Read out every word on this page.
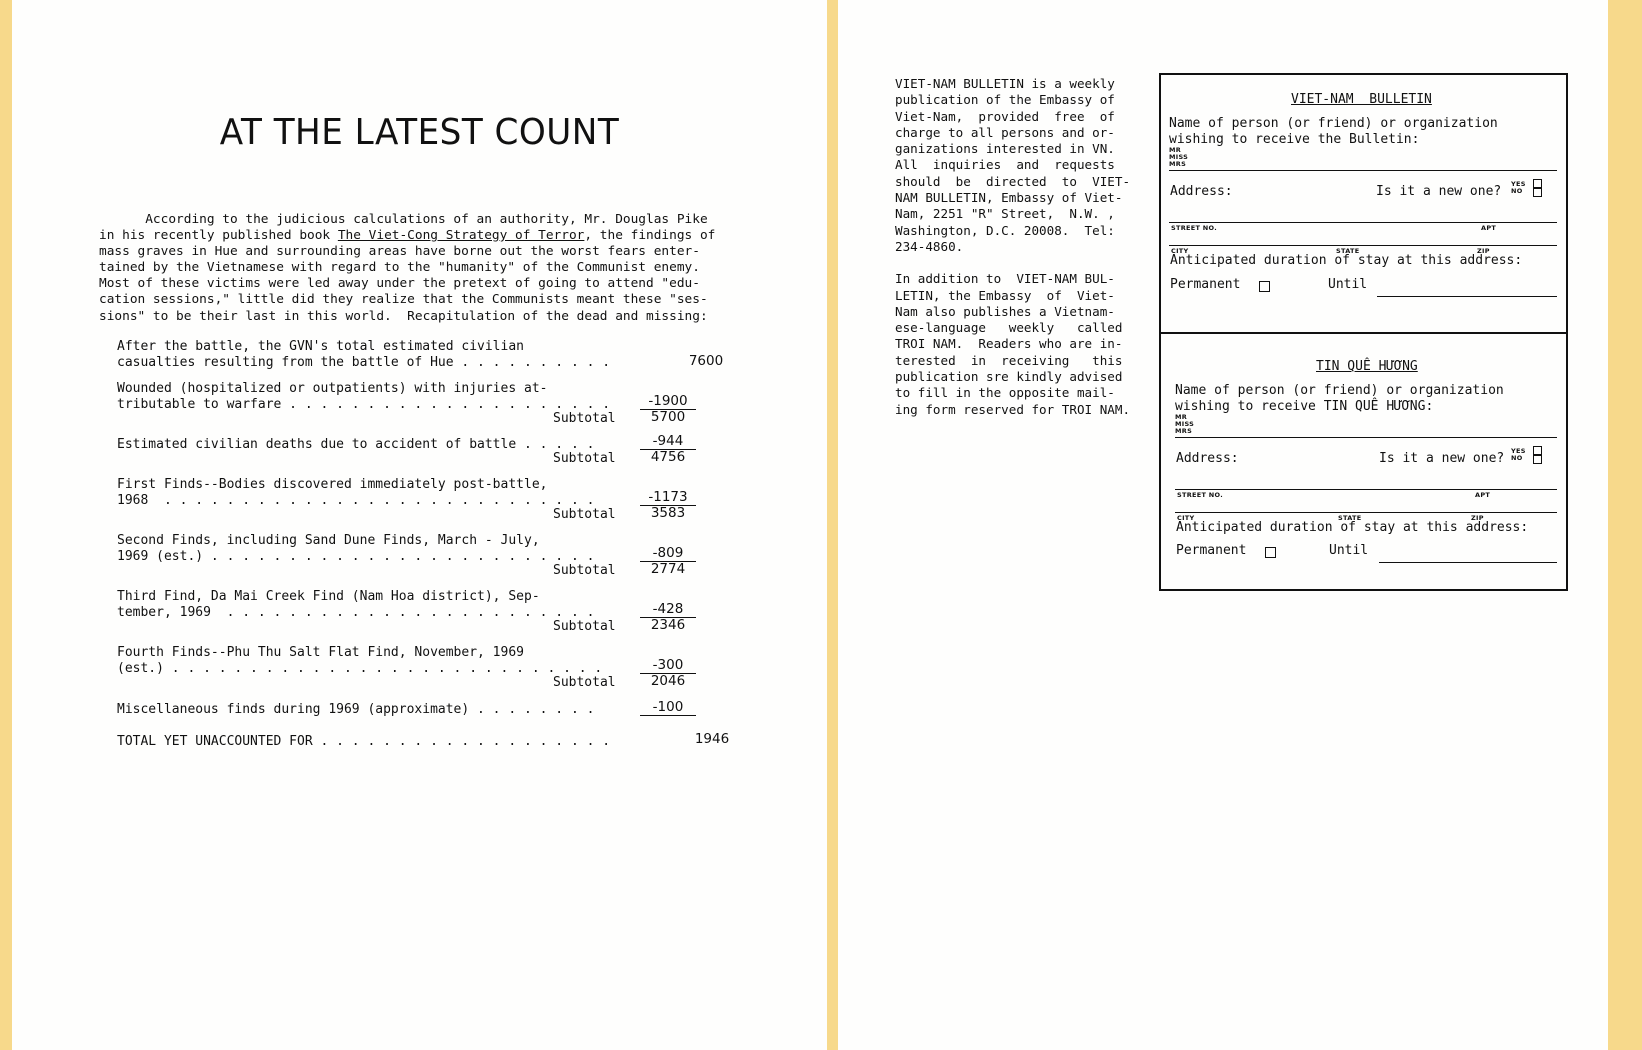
AT THE LATEST COUNT
According to the judicious calculations of an authority, Mr. Douglas Pike
in his recently published book The Viet-Cong Strategy of Terror, the findings of
mass graves in Hue and surrounding areas have borne out the worst fears enter-
tained by the Vietnamese with regard to the "humanity" of the Communist enemy.
Most of these victims were led away under the pretext of going to attend "edu-
cation sessions," little did they realize that the Communists meant these "ses-
sions" to be their last in this world.  Recapitulation of the dead and missing:
After the battle, the GVN's total estimated civilian
casualties resulting from the battle of Hue . . . . . . . . . .	7600
Wounded (hospitalized or outpatients) with injuries at-
tributable to warfare . . . . . . . . . . . . . . . . . . . . .	-1900
Subtotal	5700
Estimated civilian deaths due to accident of battle . . . . .	-944
Subtotal	4756
First Finds--Bodies discovered immediately post-battle,
1968  . . . . . . . . . . . . . . . . . . . . . . . . . . . .	-1173
Subtotal	3583
Second Finds, including Sand Dune Finds, March - July,
1969 (est.) . . . . . . . . . . . . . . . . . . . . . . . . .	-809
Subtotal	2774
Third Find, Da Mai Creek Find (Nam Hoa district), Sep-
tember, 1969  . . . . . . . . . . . . . . . . . . . . . . . .	-428
Subtotal	2346
Fourth Finds--Phu Thu Salt Flat Find, November, 1969
(est.) . . . . . . . . . . . . . . . . . . . . . . . . . . . .	-300
Subtotal	2046
Miscellaneous finds during 1969 (approximate) . . . . . . . .	-100
TOTAL YET UNACCOUNTED FOR . . . . . . . . . . . . . . . . . . .	1946
VIET-NAM BULLETIN is a weekly
publication of the Embassy of
Viet-Nam,  provided  free  of
charge to all persons and or-
ganizations interested in VN.
All  inquiries  and  requests
should  be  directed  to  VIET-
NAM BULLETIN, Embassy of Viet-
Nam, 2251 "R" Street,  N.W. ,
Washington, D.C. 20008.  Tel:
234-4860.
In addition to  VIET-NAM BUL-
LETIN, the Embassy  of  Viet-
Nam also publishes a Vietnam-
ese-language   weekly   called
TROI NAM.  Readers who are in-
terested  in  receiving   this
publication sre kindly advised
to fill in the opposite mail-
ing form reserved for TROI NAM.
VIET-NAM  BULLETIN
Name of person (or friend) or organization
wishing to receive the Bulletin:
MR
MISS
MRS
Address:	Is it a new one? YES
NO
STREET NO.	APT
CITY	STATE	ZIP
Anticipated duration of stay at this address:
Permanent	Until
TIN QUÊ HƯƠNG
Name of person (or friend) or organization
wishing to receive TIN QUÊ HƯƠNG:
MR
MISS
MRS
Address:	Is it a new one? YES
NO
STREET NO.	APT
CITY	STATE	ZIP
Anticipated duration of stay at this address:
Permanent	Until
